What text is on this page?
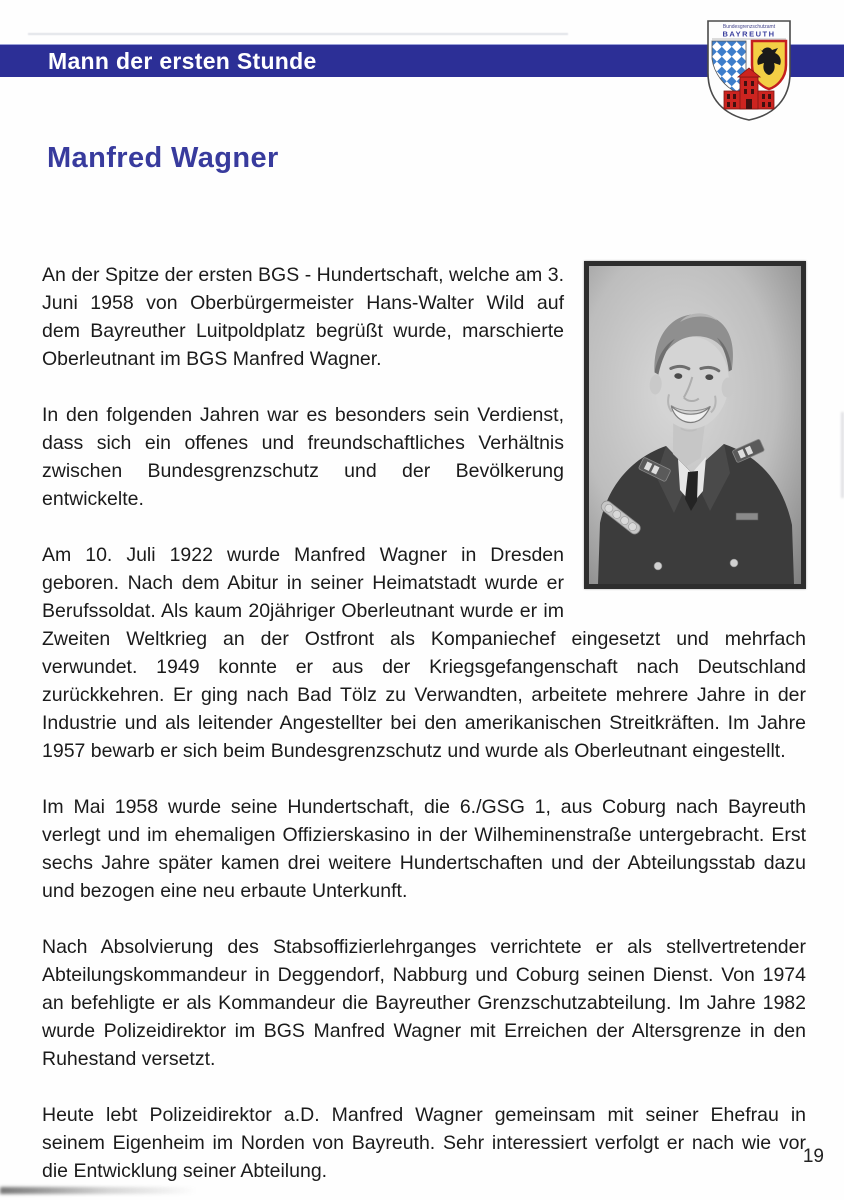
Mann der ersten Stunde
Bundesgrenzschutzamt
BAYREUTH
Manfred Wagner

An der Spitze der ersten BGS - Hundertschaft, welche am 3. Juni 1958 von Oberbürgermeister Hans-Walter Wild auf dem Bayreuther Luitpoldplatz begrüßt wurde, marschierte Oberleutnant im BGS Manfred Wagner.

In den folgenden Jahren war es besonders sein Verdienst, dass sich ein offenes und freundschaftliches Verhältnis zwischen Bundesgrenzschutz und der Bevölkerung entwickelte.

Am 10. Juli 1922 wurde Manfred Wagner in Dresden geboren. Nach dem Abitur in seiner Heimatstadt wurde er Berufssoldat. Als kaum 20jähriger Oberleutnant wurde er im Zweiten Weltkrieg an der Ostfront als Kompaniechef eingesetzt und mehrfach verwundet. 1949 konnte er aus der Kriegsgefangenschaft nach Deutschland zurückkehren. Er ging nach Bad Tölz zu Verwandten, arbeitete mehrere Jahre in der Industrie und als leitender Angestellter bei den amerikanischen Streitkräften. Im Jahre 1957 bewarb er sich beim Bundesgrenzschutz und wurde als Oberleutnant eingestellt.

Im Mai 1958 wurde seine Hundertschaft, die 6./GSG 1, aus Coburg nach Bayreuth verlegt und im ehemaligen Offizierskasino in der Wilheminenstraße untergebracht. Erst sechs Jahre später kamen drei weitere Hundertschaften und der Abteilungsstab dazu und bezogen eine neu erbaute Unterkunft.

Nach Absolvierung des Stabsoffizierlehrganges verrichtete er als stellvertretender Abteilungskommandeur in Deggendorf, Nabburg und Coburg seinen Dienst. Von 1974 an befehligte er als Kommandeur die Bayreuther Grenzschutzabteilung. Im Jahre 1982 wurde Polizeidirektor im BGS Manfred Wagner mit Erreichen der Altersgrenze in den Ruhestand versetzt.

Heute lebt Polizeidirektor a.D. Manfred Wagner gemeinsam mit seiner Ehefrau in seinem Eigenheim im Norden von Bayreuth. Sehr interessiert verfolgt er nach wie vor die Entwicklung seiner Abteilung.

19
